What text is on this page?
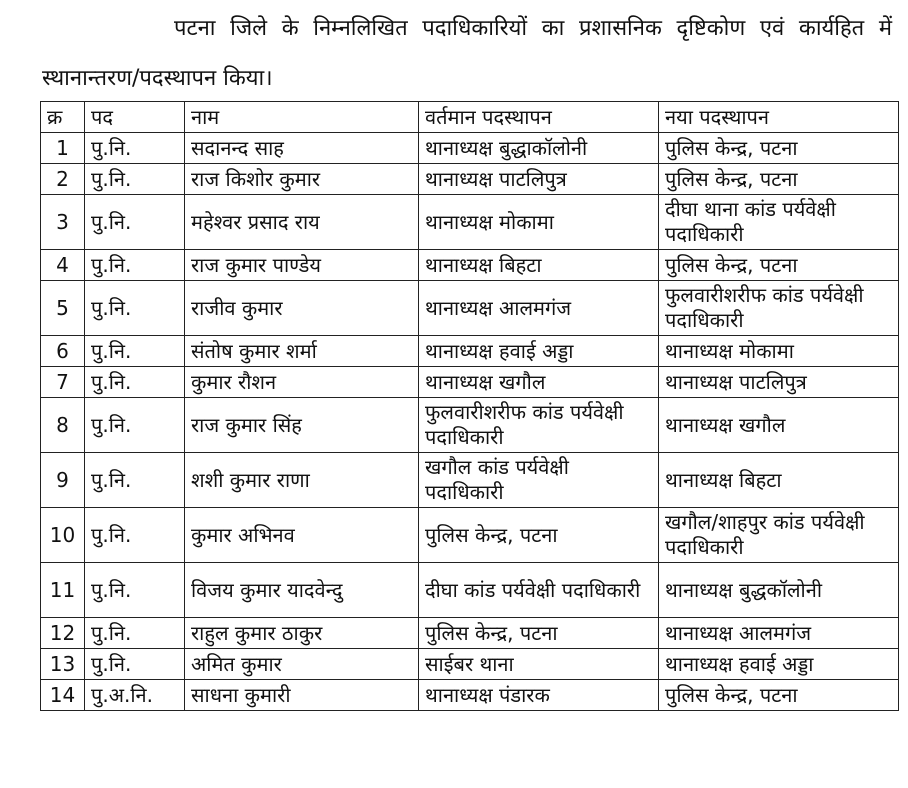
पटना जिले के निम्नलिखित पदाधिकारियों का प्रशासनिक दृष्टिकोण एवं कार्यहित में स्थानान्तरण/पदस्थापन किया।

क्र	पद	नाम	वर्तमान पदस्थापन	नया पदस्थापन
1	पु.नि.	सदानन्द साह	थानाध्यक्ष बुद्धाकॉलोनी	पुलिस केन्द्र, पटना
2	पु.नि.	राज किशोर कुमार	थानाध्यक्ष पाटलिपुत्र	पुलिस केन्द्र, पटना
3	पु.नि.	महेश्वर प्रसाद राय	थानाध्यक्ष मोकामा	दीघा थाना कांड पर्यवेक्षी पदाधिकारी
4	पु.नि.	राज कुमार पाण्डेय	थानाध्यक्ष बिहटा	पुलिस केन्द्र, पटना
5	पु.नि.	राजीव कुमार	थानाध्यक्ष आलमगंज	फुलवारीशरीफ कांड पर्यवेक्षी पदाधिकारी
6	पु.नि.	संतोष कुमार शर्मा	थानाध्यक्ष हवाई अड्डा	थानाध्यक्ष मोकामा
7	पु.नि.	कुमार रौशन	थानाध्यक्ष खगौल	थानाध्यक्ष पाटलिपुत्र
8	पु.नि.	राज कुमार सिंह	फुलवारीशरीफ कांड पर्यवेक्षी पदाधिकारी	थानाध्यक्ष खगौल
9	पु.नि.	शशी कुमार राणा	खगौल कांड पर्यवेक्षी पदाधिकारी	थानाध्यक्ष बिहटा
10	पु.नि.	कुमार अभिनव	पुलिस केन्द्र, पटना	खगौल/शाहपुर कांड पर्यवेक्षी पदाधिकारी
11	पु.नि.	विजय कुमार यादवेन्दु	दीघा कांड पर्यवेक्षी पदाधिकारी	थानाध्यक्ष बुद्धकॉलोनी
12	पु.नि.	राहुल कुमार ठाकुर	पुलिस केन्द्र, पटना	थानाध्यक्ष आलमगंज
13	पु.नि.	अमित कुमार	साईबर थाना	थानाध्यक्ष हवाई अड्डा
14	पु.अ.नि.	साधना कुमारी	थानाध्यक्ष पंडारक	पुलिस केन्द्र, पटना
